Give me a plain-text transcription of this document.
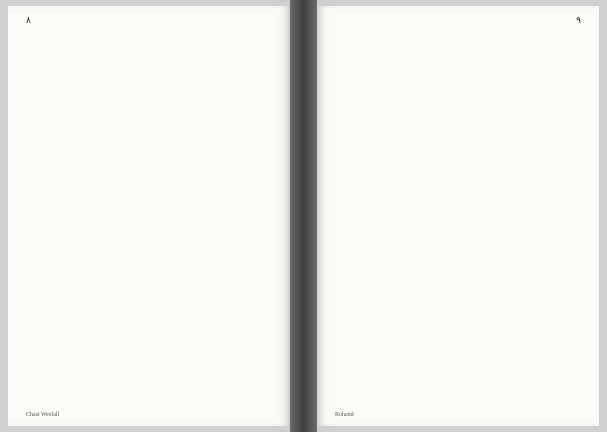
٨
Chasi Wesfall
٩
Rohand
